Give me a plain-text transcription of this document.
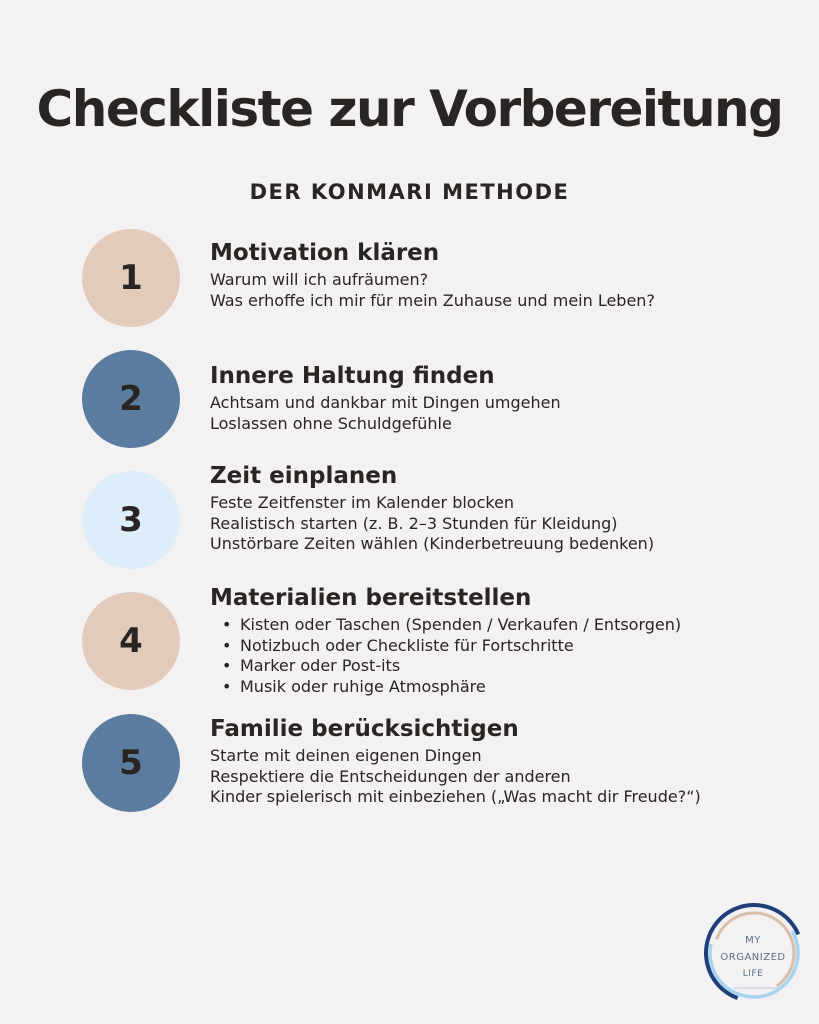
Checkliste zur Vorbereitung
DER KONMARI METHODE
1
Motivation klären
Warum will ich aufräumen?
Was erhoffe ich mir für mein Zuhause und mein Leben?
2
Innere Haltung finden
Achtsam und dankbar mit Dingen umgehen
Loslassen ohne Schuldgefühle
3
Zeit einplanen
Feste Zeitfenster im Kalender blocken
Realistisch starten (z. B. 2–3 Stunden für Kleidung)
Unstörbare Zeiten wählen (Kinderbetreuung bedenken)
4
Materialien bereitstellen
• Kisten oder Taschen (Spenden / Verkaufen / Entsorgen)
• Notizbuch oder Checkliste für Fortschritte
• Marker oder Post-its
• Musik oder ruhige Atmosphäre
5
Familie berücksichtigen
Starte mit deinen eigenen Dingen
Respektiere die Entscheidungen der anderen
Kinder spielerisch mit einbeziehen („Was macht dir Freude?“)
MY
ORGANIZED
LIFE
